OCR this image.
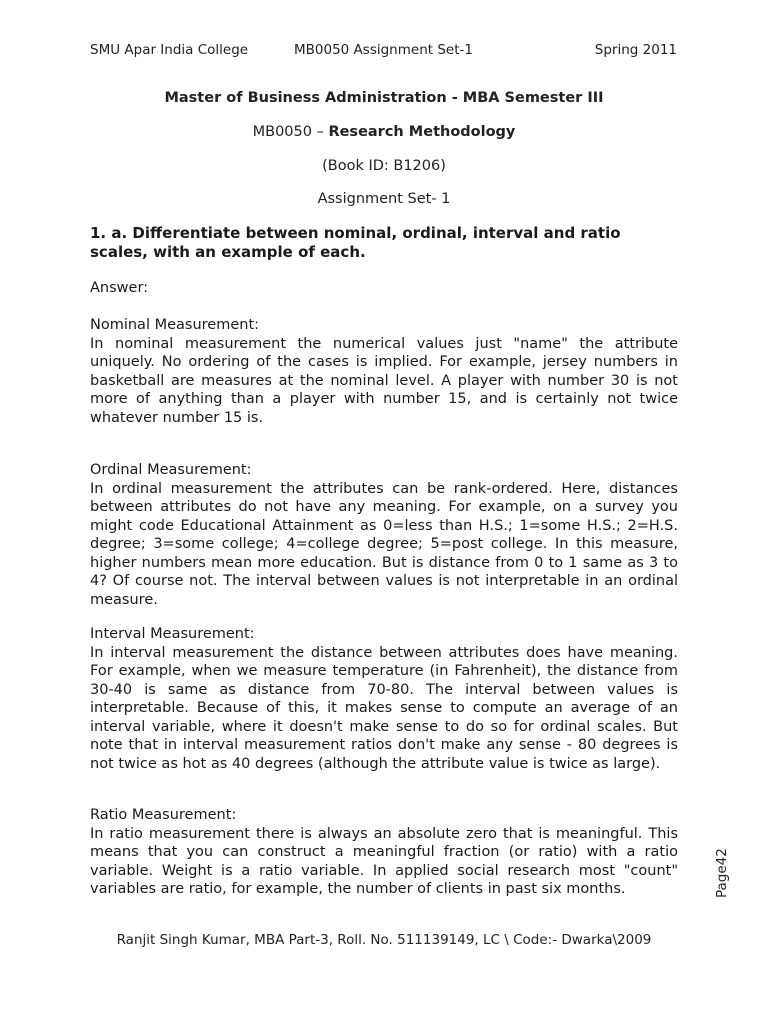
SMU Apar India College	MB0050 Assignment Set-1	Spring 2011
Master of Business Administration - MBA Semester III
MB0050 – Research Methodology
(Book ID: B1206)
Assignment Set- 1
1. a. Differentiate between nominal, ordinal, interval and ratio scales, with an example of each.
Answer:
Nominal Measurement:
In nominal measurement the numerical values just "name" the attribute uniquely. No ordering of the cases is implied. For example, jersey numbers in basketball are measures at the nominal level. A player with number 30 is not more of anything than a player with number 15, and is certainly not twice whatever number 15 is.
Ordinal Measurement:
In ordinal measurement the attributes can be rank-ordered. Here, distances between attributes do not have any meaning. For example, on a survey you might code Educational Attainment as 0=less than H.S.; 1=some H.S.; 2=H.S. degree; 3=some college; 4=college degree; 5=post college. In this measure, higher numbers mean more education. But is distance from 0 to 1 same as 3 to 4? Of course not. The interval between values is not interpretable in an ordinal measure.
Interval Measurement:
In interval measurement the distance between attributes does have meaning. For example, when we measure temperature (in Fahrenheit), the distance from 30-40 is same as distance from 70-80. The interval between values is interpretable. Because of this, it makes sense to compute an average of an interval variable, where it doesn't make sense to do so for ordinal scales. But note that in interval measurement ratios don't make any sense - 80 degrees is not twice as hot as 40 degrees (although the attribute value is twice as large).
Ratio Measurement:
In ratio measurement there is always an absolute zero that is meaningful. This means that you can construct a meaningful fraction (or ratio) with a ratio variable. Weight is a ratio variable. In applied social research most "count" variables are ratio, for example, the number of clients in past six months.	Page42
Ranjit Singh Kumar, MBA Part-3, Roll. No. 511139149, LC \ Code:- Dwarka\2009
